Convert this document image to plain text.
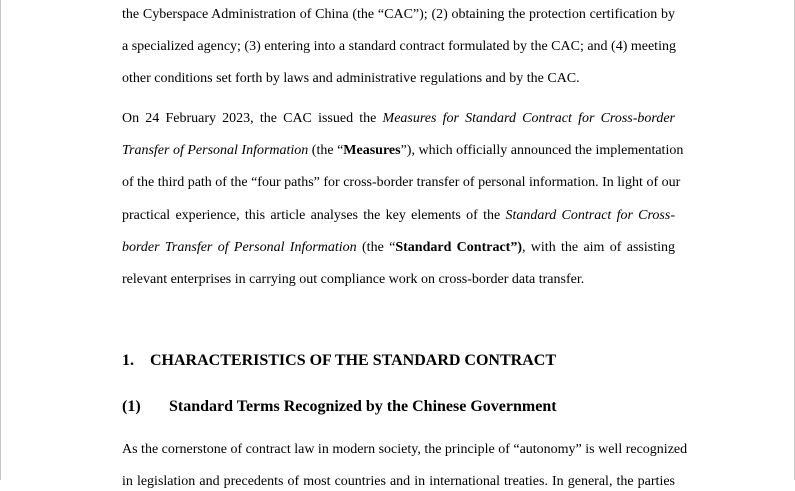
the Cyberspace Administration of China (the “CAC”); (2) obtaining the protection certification by
a specialized agency; (3) entering into a standard contract formulated by the CAC; and (4) meeting
other conditions set forth by laws and administrative regulations and by the CAC.
On 24 February 2023, the CAC issued the Measures for Standard Contract for Cross-border
Transfer of Personal Information (the “Measures”), which officially announced the implementation
of the third path of the “four paths” for cross-border transfer of personal information. In light of our
practical experience, this article analyses the key elements of the Standard Contract for Cross-
border Transfer of Personal Information (the “Standard Contract”), with the aim of assisting
relevant enterprises in carrying out compliance work on cross-border data transfer.
1. CHARACTERISTICS OF THE STANDARD CONTRACT
(1) Standard Terms Recognized by the Chinese Government
As the cornerstone of contract law in modern society, the principle of “autonomy” is well recognized
in legislation and precedents of most countries and in international treaties. In general, the parties
